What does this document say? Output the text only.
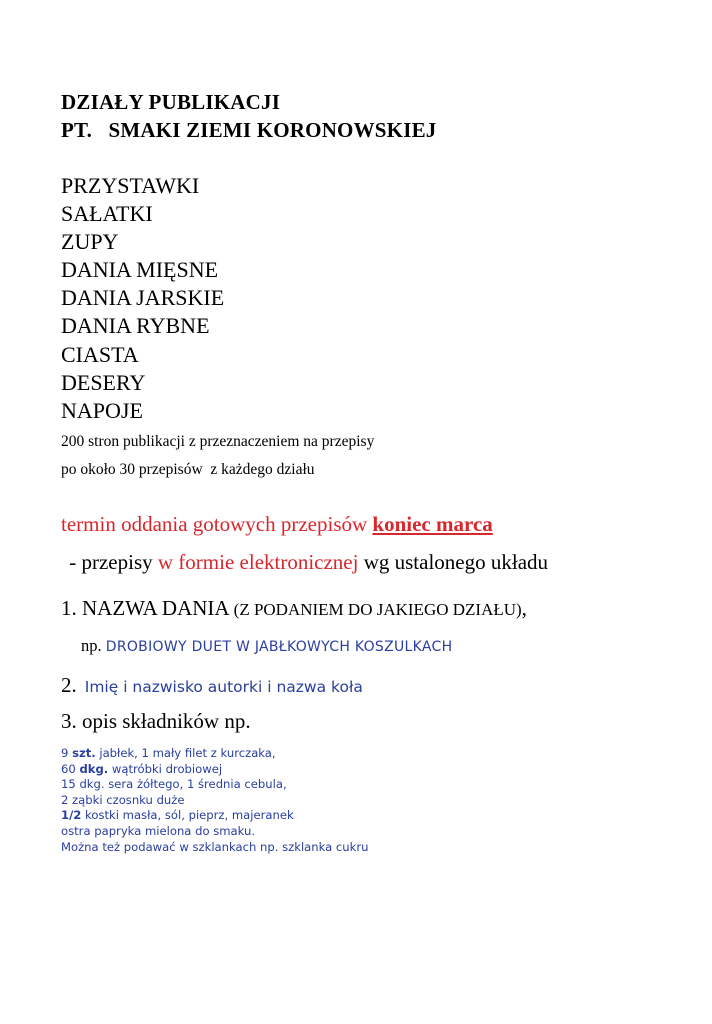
DZIAŁY PUBLIKACJI
PT.   SMAKI ZIEMI KORONOWSKIEJ
PRZYSTAWKI
SAŁATKI
ZUPY
DANIA MIĘSNE
DANIA JARSKIE
DANIA RYBNE
CIASTA
DESERY
NAPOJE
200 stron publikacji z przeznaczeniem na przepisy
po około 30 przepisów  z każdego działu
termin oddania gotowych przepisów koniec marca
- przepisy w formie elektronicznej wg ustalonego układu
1. NAZWA DANIA (Z PODANIEM DO JAKIEGO DZIAŁU),
np. DROBIOWY DUET W JABŁKOWYCH KOSZULKACH
2. Imię i nazwisko autorki i nazwa koła
3. opis składników np.
9 szt. jabłek, 1 mały filet z kurczaka,
60 dkg. wątróbki drobiowej
15 dkg. sera żółtego, 1 średnia cebula,
2 ząbki czosnku duże
1/2 kostki masła, sól, pieprz, majeranek
ostra papryka mielona do smaku.
Można też podawać w szklankach np. szklanka cukru
